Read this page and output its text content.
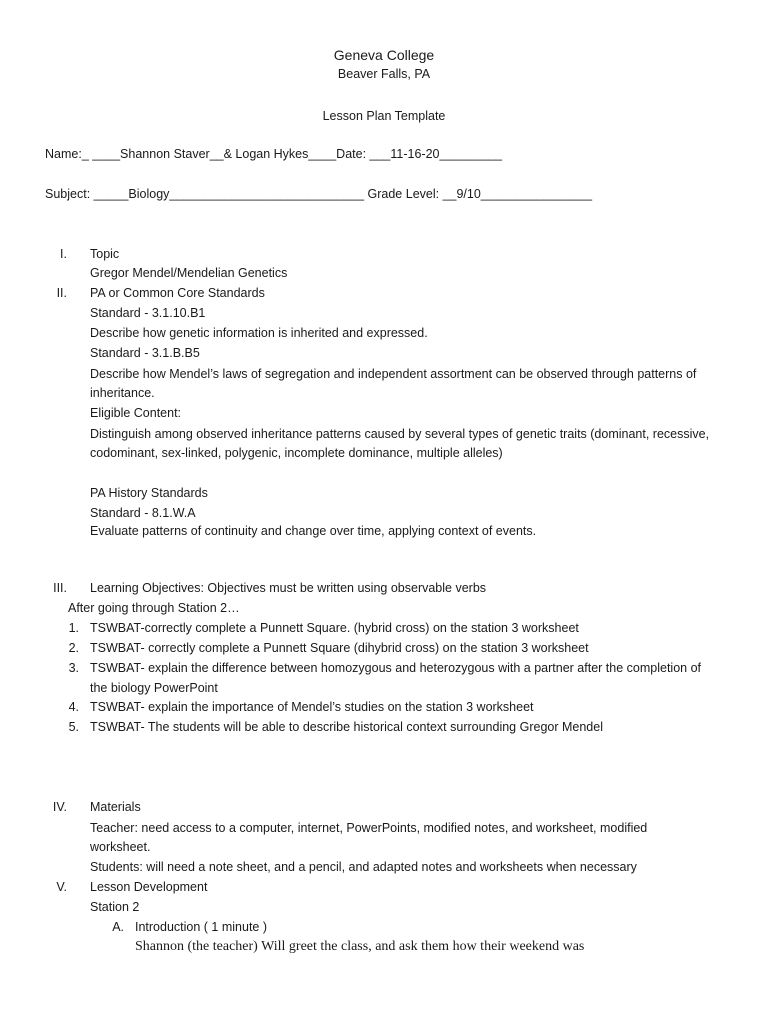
Geneva College
Beaver Falls, PA
Lesson Plan Template
Name:_ ____Shannon Staver__& Logan Hykes____Date: ___11-16-20_________
Subject: _____Biology____________________________ Grade Level: __9/10________________
I. Topic
Gregor Mendel/Mendelian Genetics
II. PA or Common Core Standards
Standard - 3.1.10.B1
Describe how genetic information is inherited and expressed.
Standard - 3.1.B.B5
Describe how Mendel’s laws of segregation and independent assortment can be observed through patterns of
inheritance.
Eligible Content:
Distinguish among observed inheritance patterns caused by several types of genetic traits (dominant, recessive,
codominant, sex-linked, polygenic, incomplete dominance, multiple alleles)
PA History Standards
Standard - 8.1.W.A
Evaluate patterns of continuity and change over time, applying context of events.
III. Learning Objectives: Objectives must be written using observable verbs
After going through Station 2…
1. TSWBAT-correctly complete a Punnett Square. (hybrid cross) on the station 3 worksheet
2. TSWBAT- correctly complete a Punnett Square (dihybrid cross) on the station 3 worksheet
3. TSWBAT- explain the difference between homozygous and heterozygous with a partner after the completion of
the biology PowerPoint
4. TSWBAT- explain the importance of Mendel’s studies on the station 3 worksheet
5. TSWBAT- The students will be able to describe historical context surrounding Gregor Mendel
IV. Materials
Teacher: need access to a computer, internet, PowerPoints, modified notes, and worksheet, modified
worksheet.
Students: will need a note sheet, and a pencil, and adapted notes and worksheets when necessary
V. Lesson Development
Station 2
A. Introduction ( 1 minute )
Shannon (the teacher) Will greet the class, and ask them how their weekend was
